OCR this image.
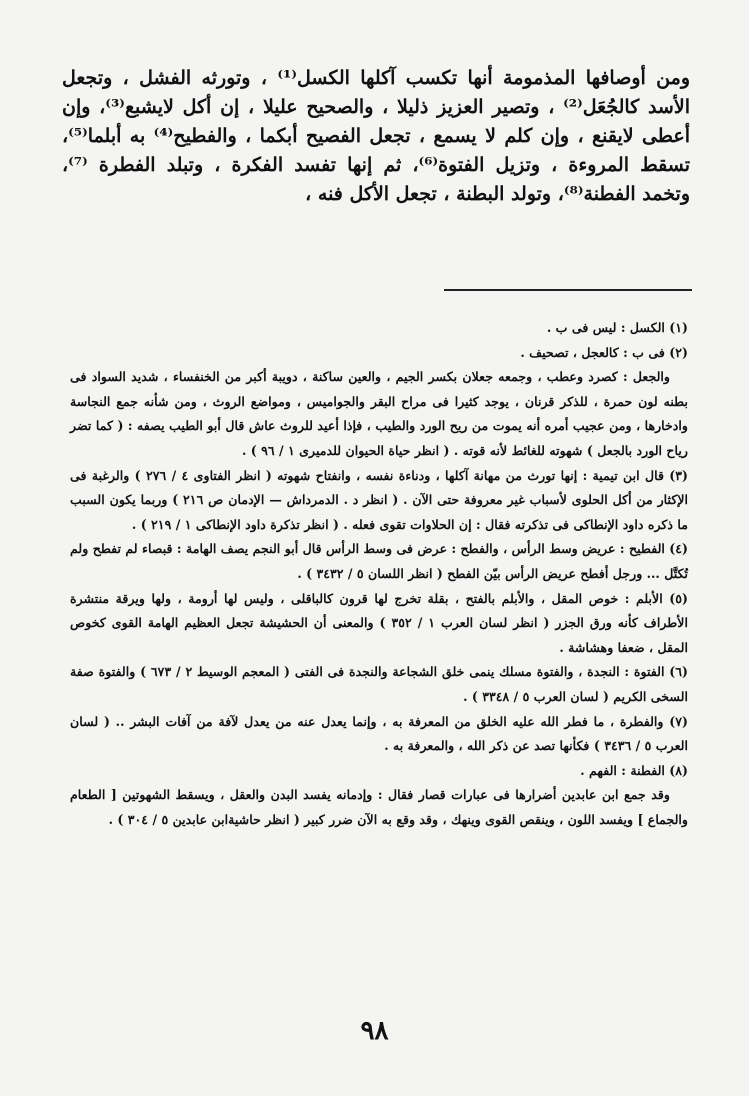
ومن أوصافها المذمومة أنها تكسب آكلها الكسل⁽¹⁾ ، وتورثه الفشل ، وتجعل الأسد كالجُعَل⁽²⁾ ، وتصير العزيز ذليلا ، والصحيح عليلا ، إن أكل لايشبع⁽³⁾، وإن أعطى لايقنع ، وإن كلم لا يسمع ، تجعل الفصيح أبكما ، والفطيح⁽⁴⁾ به أبلما⁽⁵⁾، تسقط المروءة ، وتزيل الفتوة⁽⁶⁾، ثم إنها تفسد الفكرة ، وتبلد الفطرة ⁽⁷⁾، وتخمد الفطنة⁽⁸⁾، وتولد البطنة ، تجعل الأكل فنه ،

(١) الكسل : ليس فى ب .

(٢) فى ب : كالعجل ، تصحيف .

والجعل : كصرد وعطب ، وجمعه جعلان بكسر الجيم ، والعين ساكنة ، دويبة أكبر من الخنفساء ، شديد السواد فى بطنه لون حمرة ، للذكر قرنان ، يوجد كثيرا فى مراح البقر والجواميس ، ومواضع الروث ، ومن شأنه جمع النجاسة وادخارها ، ومن عجيب أمره أنه يموت من ريح الورد والطيب ، فإذا أعيد للروث عاش قال أبو الطيب يصفه : ( كما تضر رياح الورد بالجعل ) شهوته للغائط لأنه قوته . ( انظر حياة الحيوان للدميرى ١ / ٩٦ ) .

(٣) قال ابن تيمية : إنها تورث من مهانة آكلها ، ودناءة نفسه ، وانفتاح شهوته ( انظر الفتاوى ٤ / ٢٧٦ ) والرغبة فى الإكثار من أكل الحلوى لأسباب غير معروفة حتى الآن . ( انظر د . الدمرداش — الإدمان ص ٢١٦ ) وربما يكون السبب ما ذكره داود الإنطاكى فى تذكرته فقال : إن الحلاوات تقوى فعله . ( انظر تذكرة داود الإنطاكى ١ / ٢١٩ ) .

(٤) الفطيح : عريض وسط الرأس ، والفطح : عرض فى وسط الرأس قال أبو النجم يصف الهامة : قبصاء لم تفطح ولم تُكتَّل ... ورجل أفطح عريض الرأس بيّن الفطح ( انظر اللسان ٥ / ٣٤٣٢ ) .

(٥) الأبلم : خوص المقل ، والأبلم بالفتح ، بقلة تخرج لها قرون كالباقلى ، وليس لها أرومة ، ولها ويرقة منتشرة الأطراف كأنه ورق الجزر ( انظر لسان العرب ١ / ٣٥٢ ) والمعنى أن الحشيشة تجعل العظيم الهامة القوى كخوص المقل ، ضعفا وهشاشة .

(٦) الفتوة : النجدة ، والفتوة مسلك ينمى خلق الشجاعة والنجدة فى الفتى ( المعجم الوسيط ٢ / ٦٧٣ ) والفتوة صفة السخى الكريم ( لسان العرب ٥ / ٣٣٤٨ ) .

(٧) والفطرة ، ما فطر الله عليه الخلق من المعرفة به ، وإنما يعدل عنه من يعدل لآفة من آفات البشر .. ( لسان العرب ٥ / ٣٤٣٦ ) فكأنها تصد عن ذكر الله ، والمعرفة به .

(٨) الفطنة : الفهم .

وقد جمع ابن عابدين أضرارها فى عبارات قصار فقال : وإدمانه يفسد البدن والعقل ، ويسقط الشهوتين [ الطعام والجماع ] ويفسد اللون ، وينقص القوى وينهك ، وقد وقع به الآن ضرر كبير ( انظر حاشيةابن عابدين ٥ / ٣٠٤ ) .

٩٨
